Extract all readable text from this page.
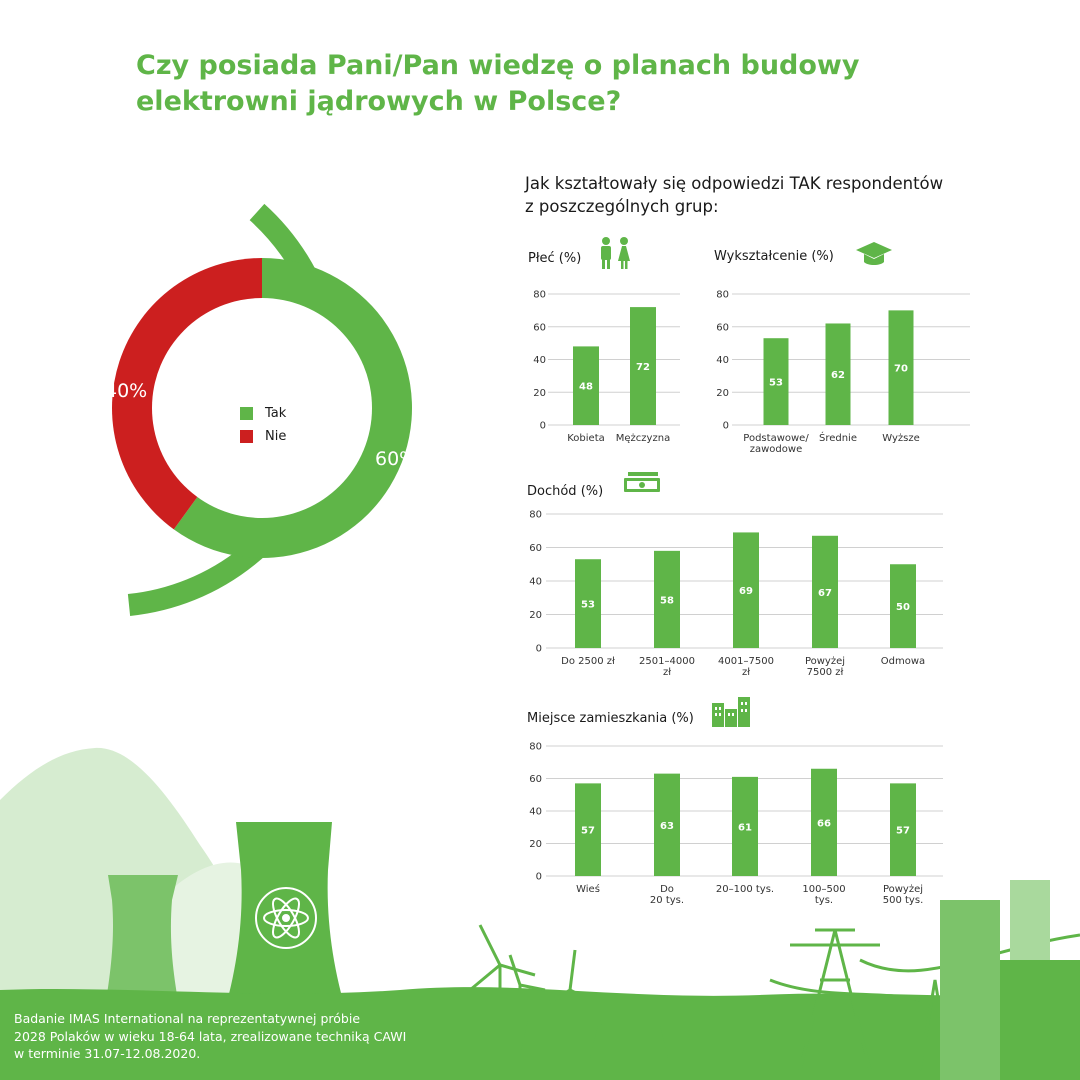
Czy posiada Pani/Pan wiedzę o planach budowy
elektrowni jądrowych w Polsce?
Jak kształtowały się odpowiedzi TAK respondentów
z poszczególnych grup:
60%
40%
Tak
Nie
Płeć (%)
0
20
40
60
80
48
Kobieta
72
Mężczyzna
Wykształcenie (%)
0
20
40
60
80
53
Podstawowe/
zawodowe
62
Średnie
70
Wyższe
Dochód (%)
0
20
40
60
80
53
Do 2500 zł
58
2501–4000
zł
69
4001–7500
zł
67
Powyżej
7500 zł
50
Odmowa
Miejsce zamieszkania (%)
0
20
40
60
80
57
Wieś
63
Do
20 tys.
61
20–100 tys.
66
100–500
tys.
57
Powyżej
500 tys.
Badanie IMAS International na reprezentatywnej próbie
2028 Polaków w wieku 18-64 lata, zrealizowane techniką CAWI
w terminie 31.07-12.08.2020.
